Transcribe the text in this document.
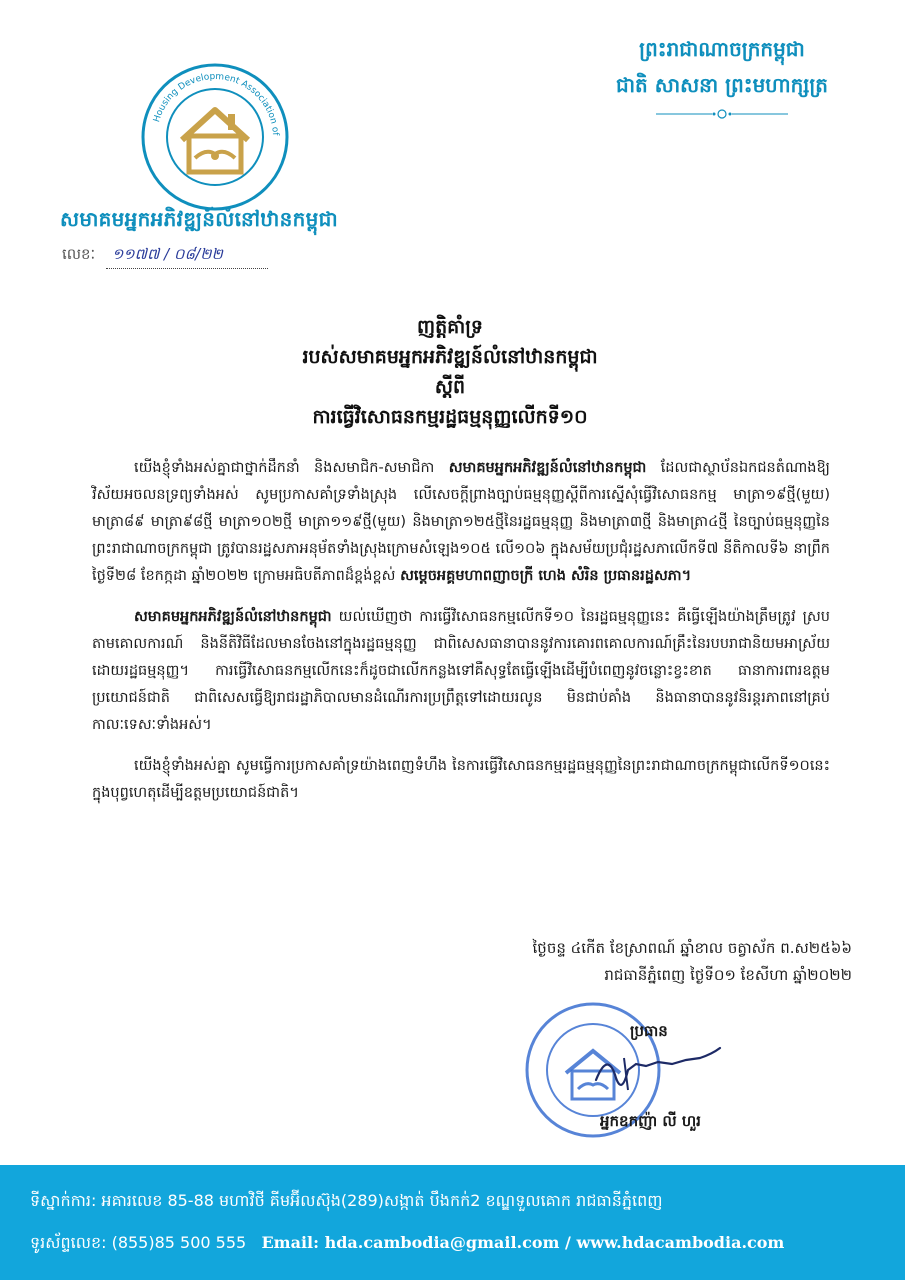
Housing Development Association of
សមាគមអ្នកអភិវឌ្ឍន៍លំនៅឋានកម្ពុជា
លេខៈ ១១៧៧ / ០៨/២២
ព្រះរាជាណាចក្រកម្ពុជា
ជាតិ សាសនា ព្រះមហាក្សត្រ
ញត្តិគាំទ្រ
របស់សមាគមអ្នកអភិវឌ្ឍន៍លំនៅឋានកម្ពុជា
ស្តីពី
ការធ្វើវិសោធនកម្មរដ្ឋធម្មនុញ្ញលើកទី១០

យើងខ្ញុំទាំងអស់គ្នាជាថ្នាក់ដឹកនាំ និងសមាជិក-សមាជិកា សមាគមអ្នកអភិវឌ្ឍន៍លំនៅឋានកម្ពុជា ដែលជាស្ថាប័នឯកជនតំណាងឱ្យវិស័យអចលនទ្រព្យទាំងអស់ សូមប្រកាសគាំទ្រទាំងស្រុង លើសេចក្តីព្រាងច្បាប់ធម្មនុញ្ញស្តីពីការស្នើសុំធ្វើវិសោធនកម្ម មាត្រា១៩ថ្មី(មួយ) មាត្រា៨៩ មាត្រា៩៨ថ្មី មាត្រា១០២ថ្មី មាត្រា១១៩ថ្មី(មួយ) និងមាត្រា១២៥ថ្មីនៃរដ្ឋធម្មនុញ្ញ និងមាត្រា៣ថ្មី និងមាត្រា៤ថ្មី នៃច្បាប់ធម្មនុញ្ញនៃព្រះរាជាណាចក្រកម្ពុជា ត្រូវបានរដ្ឋសភាអនុម័តទាំងស្រុងក្រោមសំឡេង១០៥ លើ១០៦ ក្នុងសម័យប្រជុំរដ្ឋសភាលើកទី៧ នីតិកាលទី៦ នាព្រឹកថ្ងៃទី២៨ ខែកក្កដា ឆ្នាំ២០២២ ក្រោមអធិបតីភាពដ៏ខ្ពង់ខ្ពស់ សម្តេចអគ្គមហាពញាចក្រី ហេង សំរិន ប្រធានរដ្ឋសភា។

សមាគមអ្នកអភិវឌ្ឍន៍លំនៅឋានកម្ពុជា យល់ឃើញថា ការធ្វើវិសោធនកម្មលើកទី១០ នៃរដ្ឋធម្មនុញ្ញនេះ គឺធ្វើឡើងយ៉ាងត្រឹមត្រូវ ស្របតាមគោលការណ៍ និងនីតិវិធីដែលមានចែងនៅក្នុងរដ្ឋធម្មនុញ្ញ ជាពិសេសធានាបាននូវការគោរពគោលការណ៍គ្រឹះនៃរបបរាជានិយមអាស្រ័យដោយរដ្ឋធម្មនុញ្ញ។ ការធ្វើវិសោធនកម្មលើកនេះក៏ដូចជាលើកកន្លងទៅគឺសុទ្ធតែធ្វើឡើងដើម្បីបំពេញនូវចន្លោះខ្វះខាត ធានាការពារឧត្តមប្រយោជន៍ជាតិ ជាពិសេសធ្វើឱ្យរាជរដ្ឋាភិបាលមានដំណើរការប្រព្រឹត្តទៅដោយរលូន មិនជាប់គាំង និងធានាបាននូវនិរន្តរភាពនៅគ្រប់កាលៈទេសៈទាំងអស់។

យើងខ្ញុំទាំងអស់គ្នា សូមធ្វើការប្រកាសគាំទ្រយ៉ាងពេញទំហឹង នៃការធ្វើវិសោធនកម្មរដ្ឋធម្មនុញ្ញនៃព្រះរាជាណាចក្រកម្ពុជាលើកទី១០នេះ ក្នុងបុព្វហេតុដើម្បីឧត្តមប្រយោជន៍ជាតិ។

ថ្ងៃចន្ទ ៤កើត ខែស្រាពណ៍ ឆ្នាំខាល ចត្វាស័ក ព.ស២៥៦៦
រាជធានីភ្នំពេញ ថ្ងៃទី០១ ខែសីហា ឆ្នាំ២០២២
ប្រធាន
អ្នកឧកញ៉ា លី ហួរ
ទីស្នាក់ការ: អគារលេខ 85-88 មហាវិថី គីមអ៊ីលស៊ុង(289)សង្កាត់ បឹងកក់2 ខណ្ឌទួលគោក រាជធានីភ្នំពេញ
ទូរស័ព្ទលេខ: (855)85 500 555 Email: hda.cambodia@gmail.com / www.hdacambodia.com
